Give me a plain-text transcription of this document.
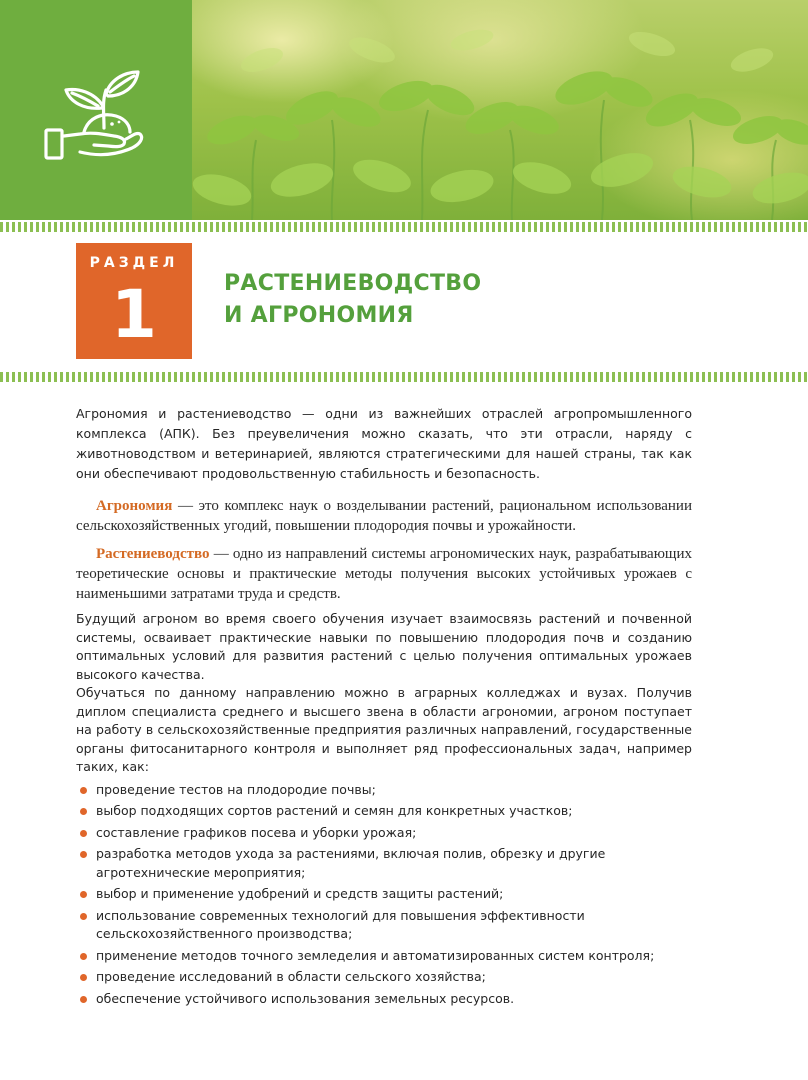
РАЗДЕЛ
1	РАСТЕНИЕВОДСТВО
И АГРОНОМИЯ

Агрономия и растениеводство — одни из важнейших отраслей агропромышленного комплекса (АПК). Без преувеличения можно сказать, что эти отрасли, наряду с животноводством и ветеринарией, являются стратегическими для нашей страны, так как они обеспечивают продовольственную стабильность и безопасность.

Агрономия — это комплекс наук о возделывании растений, рациональном использовании сельскохозяйственных угодий, повышении плодородия почвы и урожайности.

Растениеводство — одно из направлений системы агрономических наук, разрабатывающих теоретические основы и практические методы получения высоких устойчивых урожаев с наименьшими затратами труда и средств.

Будущий агроном во время своего обучения изучает взаимосвязь растений и почвенной системы, осваивает практические навыки по повышению плодородия почв и созданию оптимальных условий для развития растений с целью получения оптимальных урожаев высокого качества.

Обучаться по данному направлению можно в аграрных колледжах и вузах. Получив диплом специалиста среднего и высшего звена в области агрономии, агроном поступает на работу в сельскохозяйственные предприятия различных направлений, государственные органы фитосанитарного контроля и выполняет ряд профессиональных задач, например таких, как:

проведение тестов на плодородие почвы;
выбор подходящих сортов растений и семян для конкретных участков;
составление графиков посева и уборки урожая;
разработка методов ухода за растениями, включая полив, обрезку и другие агротехнические мероприятия;
выбор и применение удобрений и средств защиты растений;
использование современных технологий для повышения эффективности сельскохозяйственного производства;
применение методов точного земледелия и автоматизированных систем контроля;
проведение исследований в области сельского хозяйства;
обеспечение устойчивого использования земельных ресурсов.
